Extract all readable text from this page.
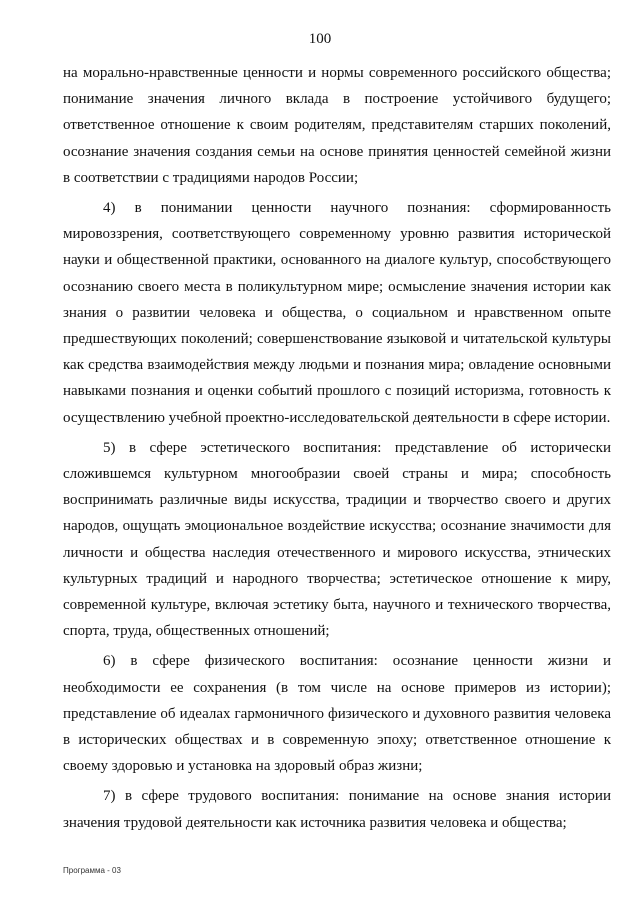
100

на морально-нравственные ценности и нормы современного российского общества; понимание значения личного вклада в построение устойчивого будущего; ответственное отношение к своим родителям, представителям старших поколений, осознание значения создания семьи на основе принятия ценностей семейной жизни в соответствии с традициями народов России;

4) в понимании ценности научного познания: сформированность мировоззрения, соответствующего современному уровню развития исторической науки и общественной практики, основанного на диалоге культур, способствующего осознанию своего места в поликультурном мире; осмысление значения истории как знания о развитии человека и общества, о социальном и нравственном опыте предшествующих поколений; совершенствование языковой и читательской культуры как средства взаимодействия между людьми и познания мира; овладение основными навыками познания и оценки событий прошлого с позиций историзма, готовность к осуществлению учебной проектно-исследовательской деятельности в сфере истории.

5) в сфере эстетического воспитания: представление об исторически сложившемся культурном многообразии своей страны и мира; способность воспринимать различные виды искусства, традиции и творчество своего и других народов, ощущать эмоциональное воздействие искусства; осознание значимости для личности и общества наследия отечественного и мирового искусства, этнических культурных традиций и народного творчества; эстетическое отношение к миру, современной культуре, включая эстетику быта, научного и технического творчества, спорта, труда, общественных отношений;

6) в сфере физического воспитания: осознание ценности жизни и необходимости ее сохранения (в том числе на основе примеров из истории); представление об идеалах гармоничного физического и духовного развития человека в исторических обществах и в современную эпоху; ответственное отношение к своему здоровью и установка на здоровый образ жизни;

7) в сфере трудового воспитания: понимание на основе знания истории значения трудовой деятельности как источника развития человека и общества;

Программа - 03
